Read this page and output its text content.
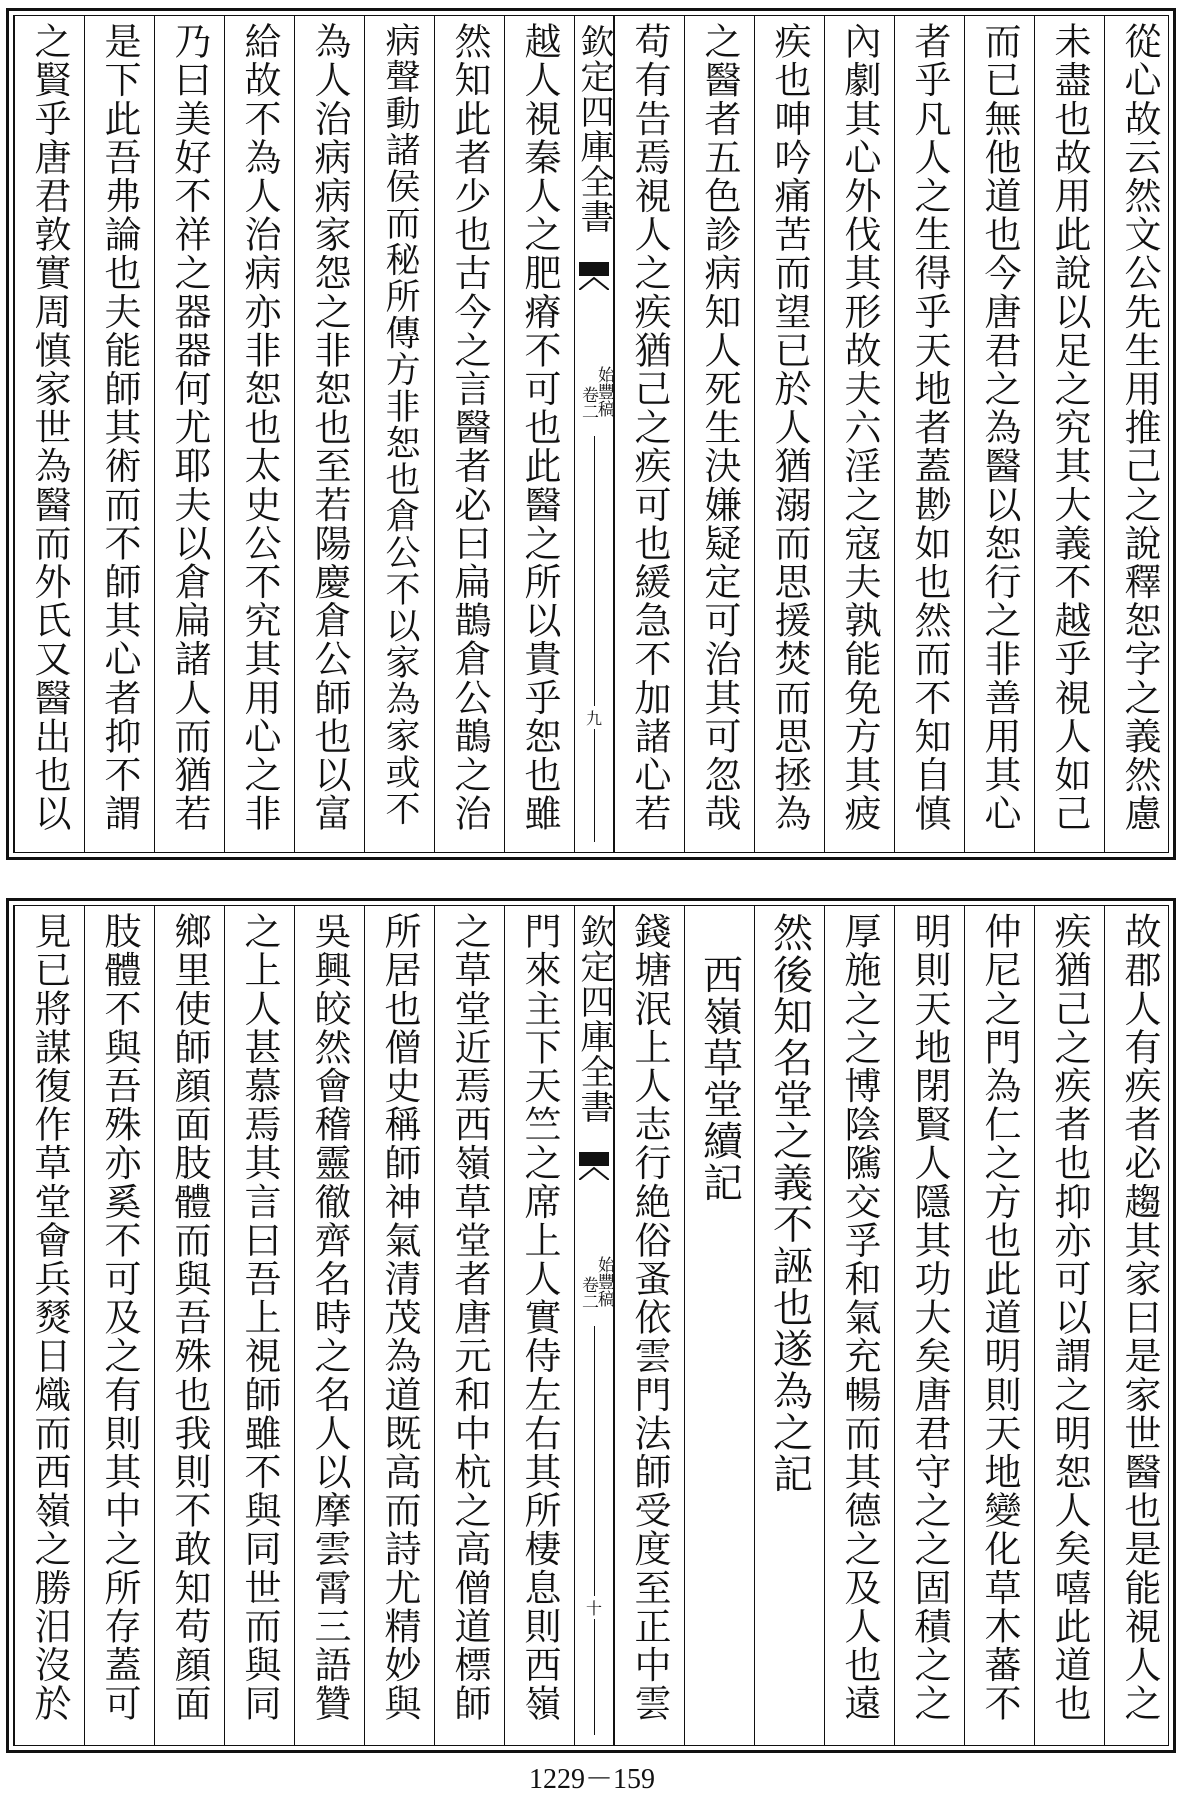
從心故云然文公先生用推己之說釋恕字之義然慮
未盡也故用此說以足之究其大義不越乎視人如己
而已無他道也今唐君之為醫以恕行之非善用其心
者乎凡人之生得乎天地者蓋尠如也然而不知自慎
內劇其心外伐其形故夫六淫之寇夫孰能免方其疲
疾也呻吟痛苦而望已於人猶溺而思援焚而思拯為
之醫者五色診病知人死生決嫌疑定可治其可忽哉
苟有告焉視人之疾猶己之疾可也緩急不加諸心若
欽定四庫全書
始豐稿
卷二
九
越人視秦人之肥瘠不可也此醫之所以貴乎恕也雖
然知此者少也古今之言醫者必曰扁鵲倉公鵲之治
病聲動諸侯而秘所傳方非恕也倉公不以家為家或不
為人治病病家怨之非恕也至若陽慶倉公師也以富
給故不為人治病亦非恕也太史公不究其用心之非
乃曰美好不祥之器器何尤耶夫以倉扁諸人而猶若
是下此吾弗論也夫能師其術而不師其心者抑不謂
之賢乎唐君敦實周慎家世為醫而外氏又醫出也以
故郡人有疾者必趨其家曰是家世醫也是能視人之
疾猶己之疾者也抑亦可以謂之明恕人矣嘻此道也
仲尼之門為仁之方也此道明則天地變化草木蕃不
明則天地閉賢人隱其功大矣唐君守之之固積之之
厚施之之博陰隲交孚和氣充暢而其德之及人也遠
然後知名堂之義不誣也遂為之記
　西嶺草堂續記
錢塘泯上人志行絶俗蚤依雲門法師受度至正中雲
欽定四庫全書
始豐稿
卷二
十
門來主下天竺之席上人實侍左右其所棲息則西嶺
之草堂近焉西嶺草堂者唐元和中杭之高僧道標師
所居也僧史稱師神氣清茂為道既高而詩尤精妙與
吳興皎然會稽靈徹齊名時之名人以摩雲霄三語贊
之上人甚慕焉其言曰吾上視師雖不與同世而與同
鄉里使師顔面肢體而與吾殊也我則不敢知苟顔面
肢體不與吾殊亦奚不可及之有則其中之所存蓋可
見已將謀復作草堂會兵燹日熾而西嶺之勝汨沒於
1229－159
